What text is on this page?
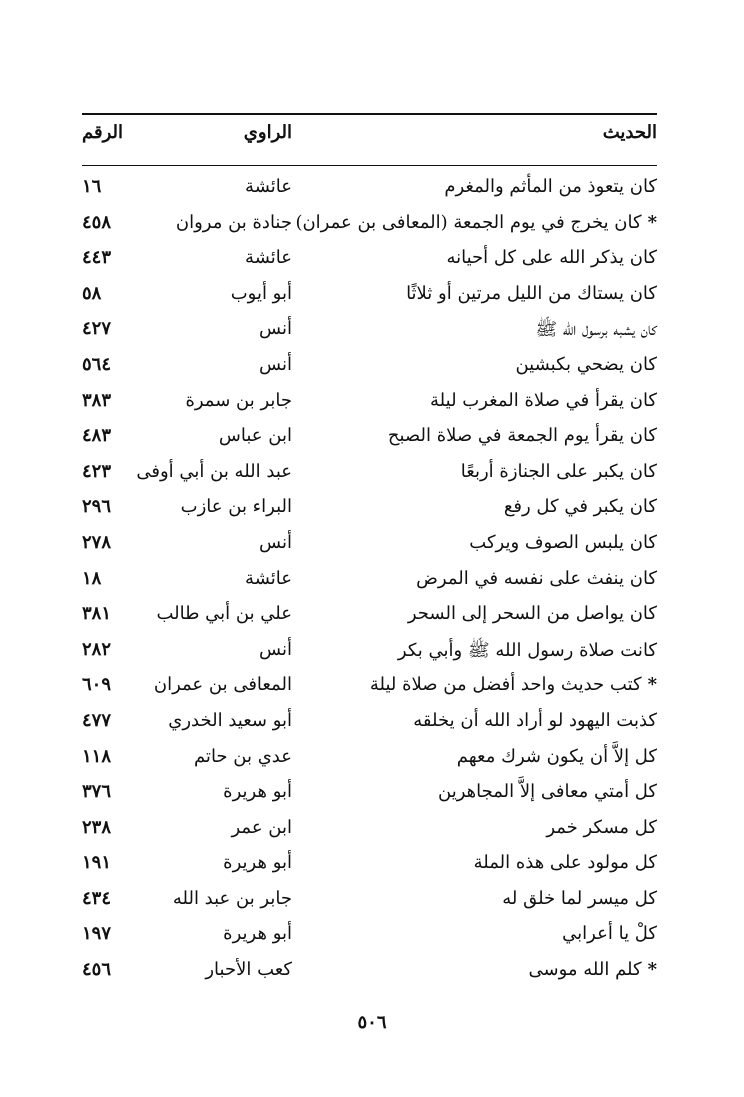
الحديث
الراوي
الرقم
كان يتعوذ من المأثم والمغرم
عائشة
١٦
*كان يخرج في يوم الجمعة (المعافى بن عمران)
جنادة بن مروان
٤٥٨
كان يذكر الله على كل أحيانه
عائشة
٤٤٣
كان يستاك من الليل مرتين أو ثلاثًا
أبو أيوب
٥٨
كان يشبه برسول الله ﷺ
أنس
٤٢٧
كان يضحي بكبشين
أنس
٥٦٤
كان يقرأ في صلاة المغرب ليلة
جابر بن سمرة
٣٨٣
كان يقرأ يوم الجمعة في صلاة الصبح
ابن عباس
٤٨٣
كان يكبر على الجنازة أربعًا
عبد الله بن أبي أوفى
٤٢٣
كان يكبر في كل رفع
البراء بن عازب
٢٩٦
كان يلبس الصوف ويركب
أنس
٢٧٨
كان ينفث على نفسه في المرض
عائشة
١٨
كان يواصل من السحر إلى السحر
علي بن أبي طالب
٣٨١
كانت صلاة رسول الله ﷺ وأبي بكر
أنس
٢٨٢
*كتب حديث واحد أفضل من صلاة ليلة
المعافى بن عمران
٦٠٩
كذبت اليهود لو أراد الله أن يخلقه
أبو سعيد الخدري
٤٧٧
كل إلاَّ أن يكون شرك معهم
عدي بن حاتم
١١٨
كل أمتي معافى إلاَّ المجاهرين
أبو هريرة
٣٧٦
كل مسكر خمر
ابن عمر
٢٣٨
كل مولود على هذه الملة
أبو هريرة
١٩١
كل ميسر لما خلق له
جابر بن عبد الله
٤٣٤
كلْ يا أعرابي
أبو هريرة
١٩٧
*كلم الله موسى
كعب الأحبار
٤٥٦
٥٠٦
